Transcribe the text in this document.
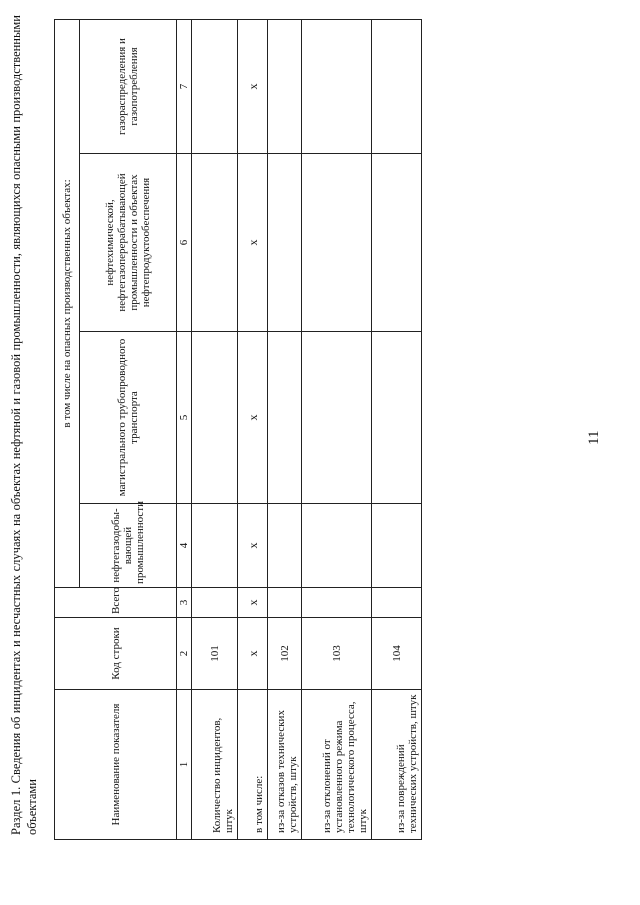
11
Раздел 1. Сведения об инцидентах и несчастных случаях на объектах нефтяной и газовой промышленности, являющихся опасными производственными объектами	Наименование показателя	Код строки	Всего	в том числе на опасных производственных объектах:			
			нефтегазодобы-вающей промышленности	магистрального трубопроводного транспорта	нефтехимической, нефтегазоперерабатывающей промышленности и объектах нефтепродуктообеспечения	газораспределения и газопотребления
1	2	3	4	5	6	7
Количество инцидентов, штук	101					
в том числе:	x	x	x	x	x	x
из-за отказов технических устройств, штук	102					
из-за отклонений от установленного режима технологического процесса, штук	103					
из-за повреждений технических устройств, штук	104					
